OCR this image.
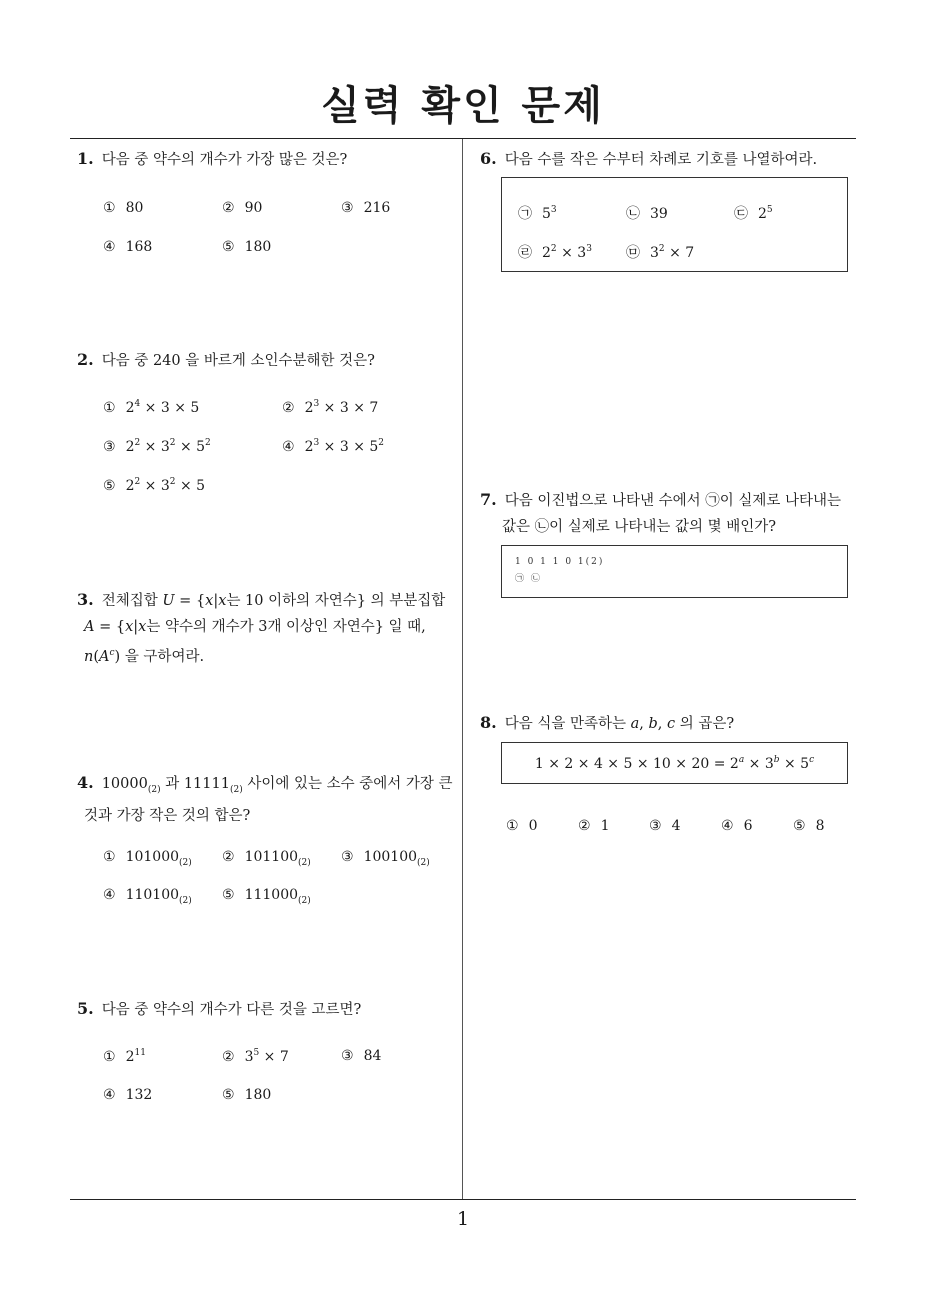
실력 확인 문제
1
1. 다음 중 약수의 개수가 가장 많은 것은?
① 80	② 90	③ 216
④ 168	⑤ 180
2. 다음 중 240 을 바르게 소인수분해한 것은?
① $2^4 \times 3 \times 5$	② $2^3 \times 3 \times 7$
③ $2^2 \times 3^2 \times 5^2$	④ $2^3 \times 3 \times 5^2$
⑤ $2^2 \times 3^2 \times 5$
3. 전체집합 U = {x|x는 10 이하의 자연수} 의 부분집합
A = {x|x는 약수의 개수가 3개 이상인 자연수} 일 때,
$n(A^c)$ 을 구하여라.
4. $10000_{(2)}$ 과 $11111_{(2)}$ 사이에 있는 소수 중에서 가장 큰
것과 가장 작은 것의 합은?
① $101000_{(2)}$ ② $101100_{(2)}$ ③ $100100_{(2)}$
④ $110100_{(2)}$ ⑤ $111000_{(2)}$
5. 다음 중 약수의 개수가 다른 것을 고르면?
① $2^{11}$	② $3^5 \times 7$	③ 84
④ 132	⑤ 180
6. 다음 수를 작은 수부터 차례로 기호를 나열하여라.
㉠ $5^3$	㉡ 39	㉢ $2^5$
㉣ $2^2 \times 3^3$ ㉤ $3^2 \times 7$
7. 다음 이진법으로 나타낸 수에서 ㉠이 실제로 나타내는
값은 ㉡이 실제로 나타내는 값의 몇 배인가?
1 0 1 1 0 1(2)
㉠ ㉡
8. 다음 식을 만족하는 a, b, c 의 곱은?
$1 \times 2 \times 4 \times 5 \times 10 \times 20 = 2^a \times 3^b \times 5^c$
① 0	② 1	③ 4	④ 6	⑤ 8
